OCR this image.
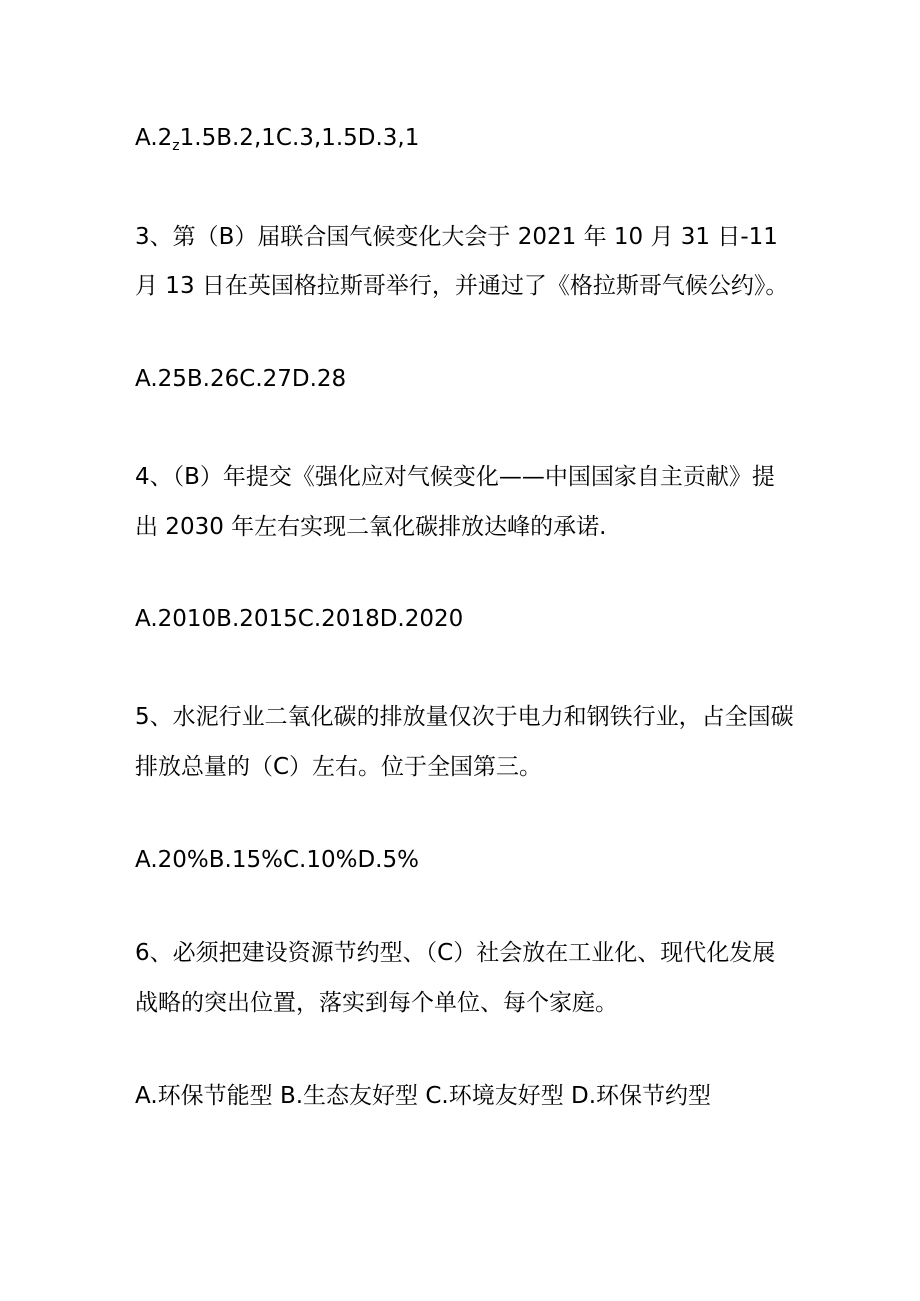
$A.2_z1.5B.2,1C.3,1.5D.3,1$
3、第（B）届联合国气候变化大会于 2021 年 10 月 31 日-11
月 13 日在英国格拉斯哥举行，并通过了《格拉斯哥气候公约》。
A.25B.26C.27D.28
4、（B）年提交《强化应对气候变化——中国国家自主贡献》提
出 2030 年左右实现二氧化碳排放达峰的承诺.
A.2010B.2015C.2018D.2020
5、水泥行业二氧化碳的排放量仅次于电力和钢铁行业，占全国碳
排放总量的（C）左右。位于全国第三。
A.20%B.15%C.10%D.5%
6、必须把建设资源节约型、（C）社会放在工业化、现代化发展
战略的突出位置，落实到每个单位、每个家庭。
A.环保节能型 B.生态友好型 C.环境友好型 D.环保节约型
